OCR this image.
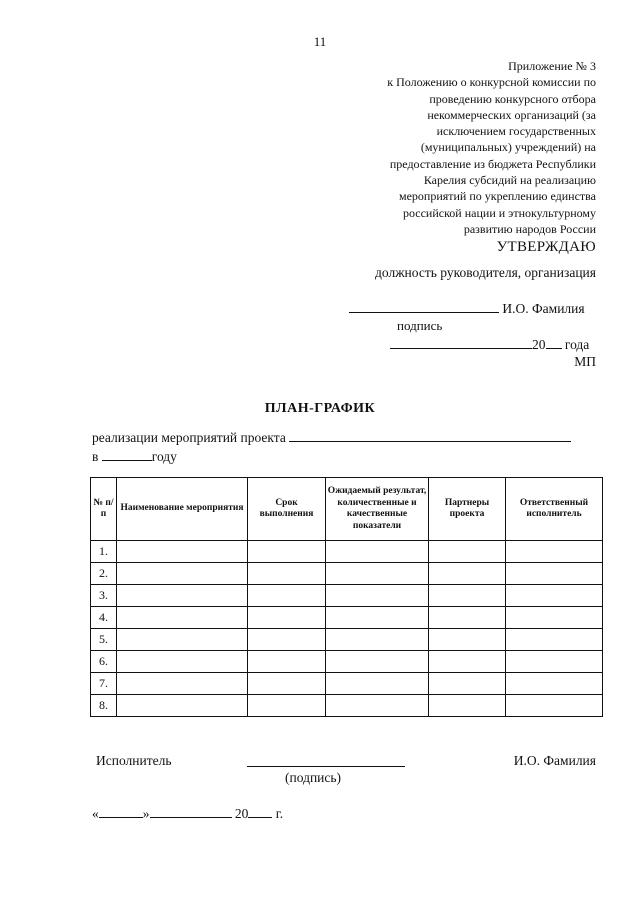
11
Приложение № 3
к Положению о конкурсной комиссии по
проведению конкурсного отбора
некоммерческих организаций (за
исключением государственных
(муниципальных) учреждений) на
предоставление из бюджета Республики
Карелия субсидий на реализацию
мероприятий по укреплению единства
российской нации и этнокультурному
развитию народов России
УТВЕРЖДАЮ
должность руководителя, организация
И.О. Фамилия
подпись
20 года
МП
ПЛАН-ГРАФИК
реализации мероприятий проекта
в	году
№ п/п	Наименование мероприятия	Срок выполнения	Ожидаемый результат, количественные и качественные показатели	Партнеры проекта	Ответственный исполнитель
1.					
2.					
3.					
4.					
5.					
6.					
7.					
8.					
Исполнитель
(подпись)
И.О. Фамилия
«	»	20 г.
